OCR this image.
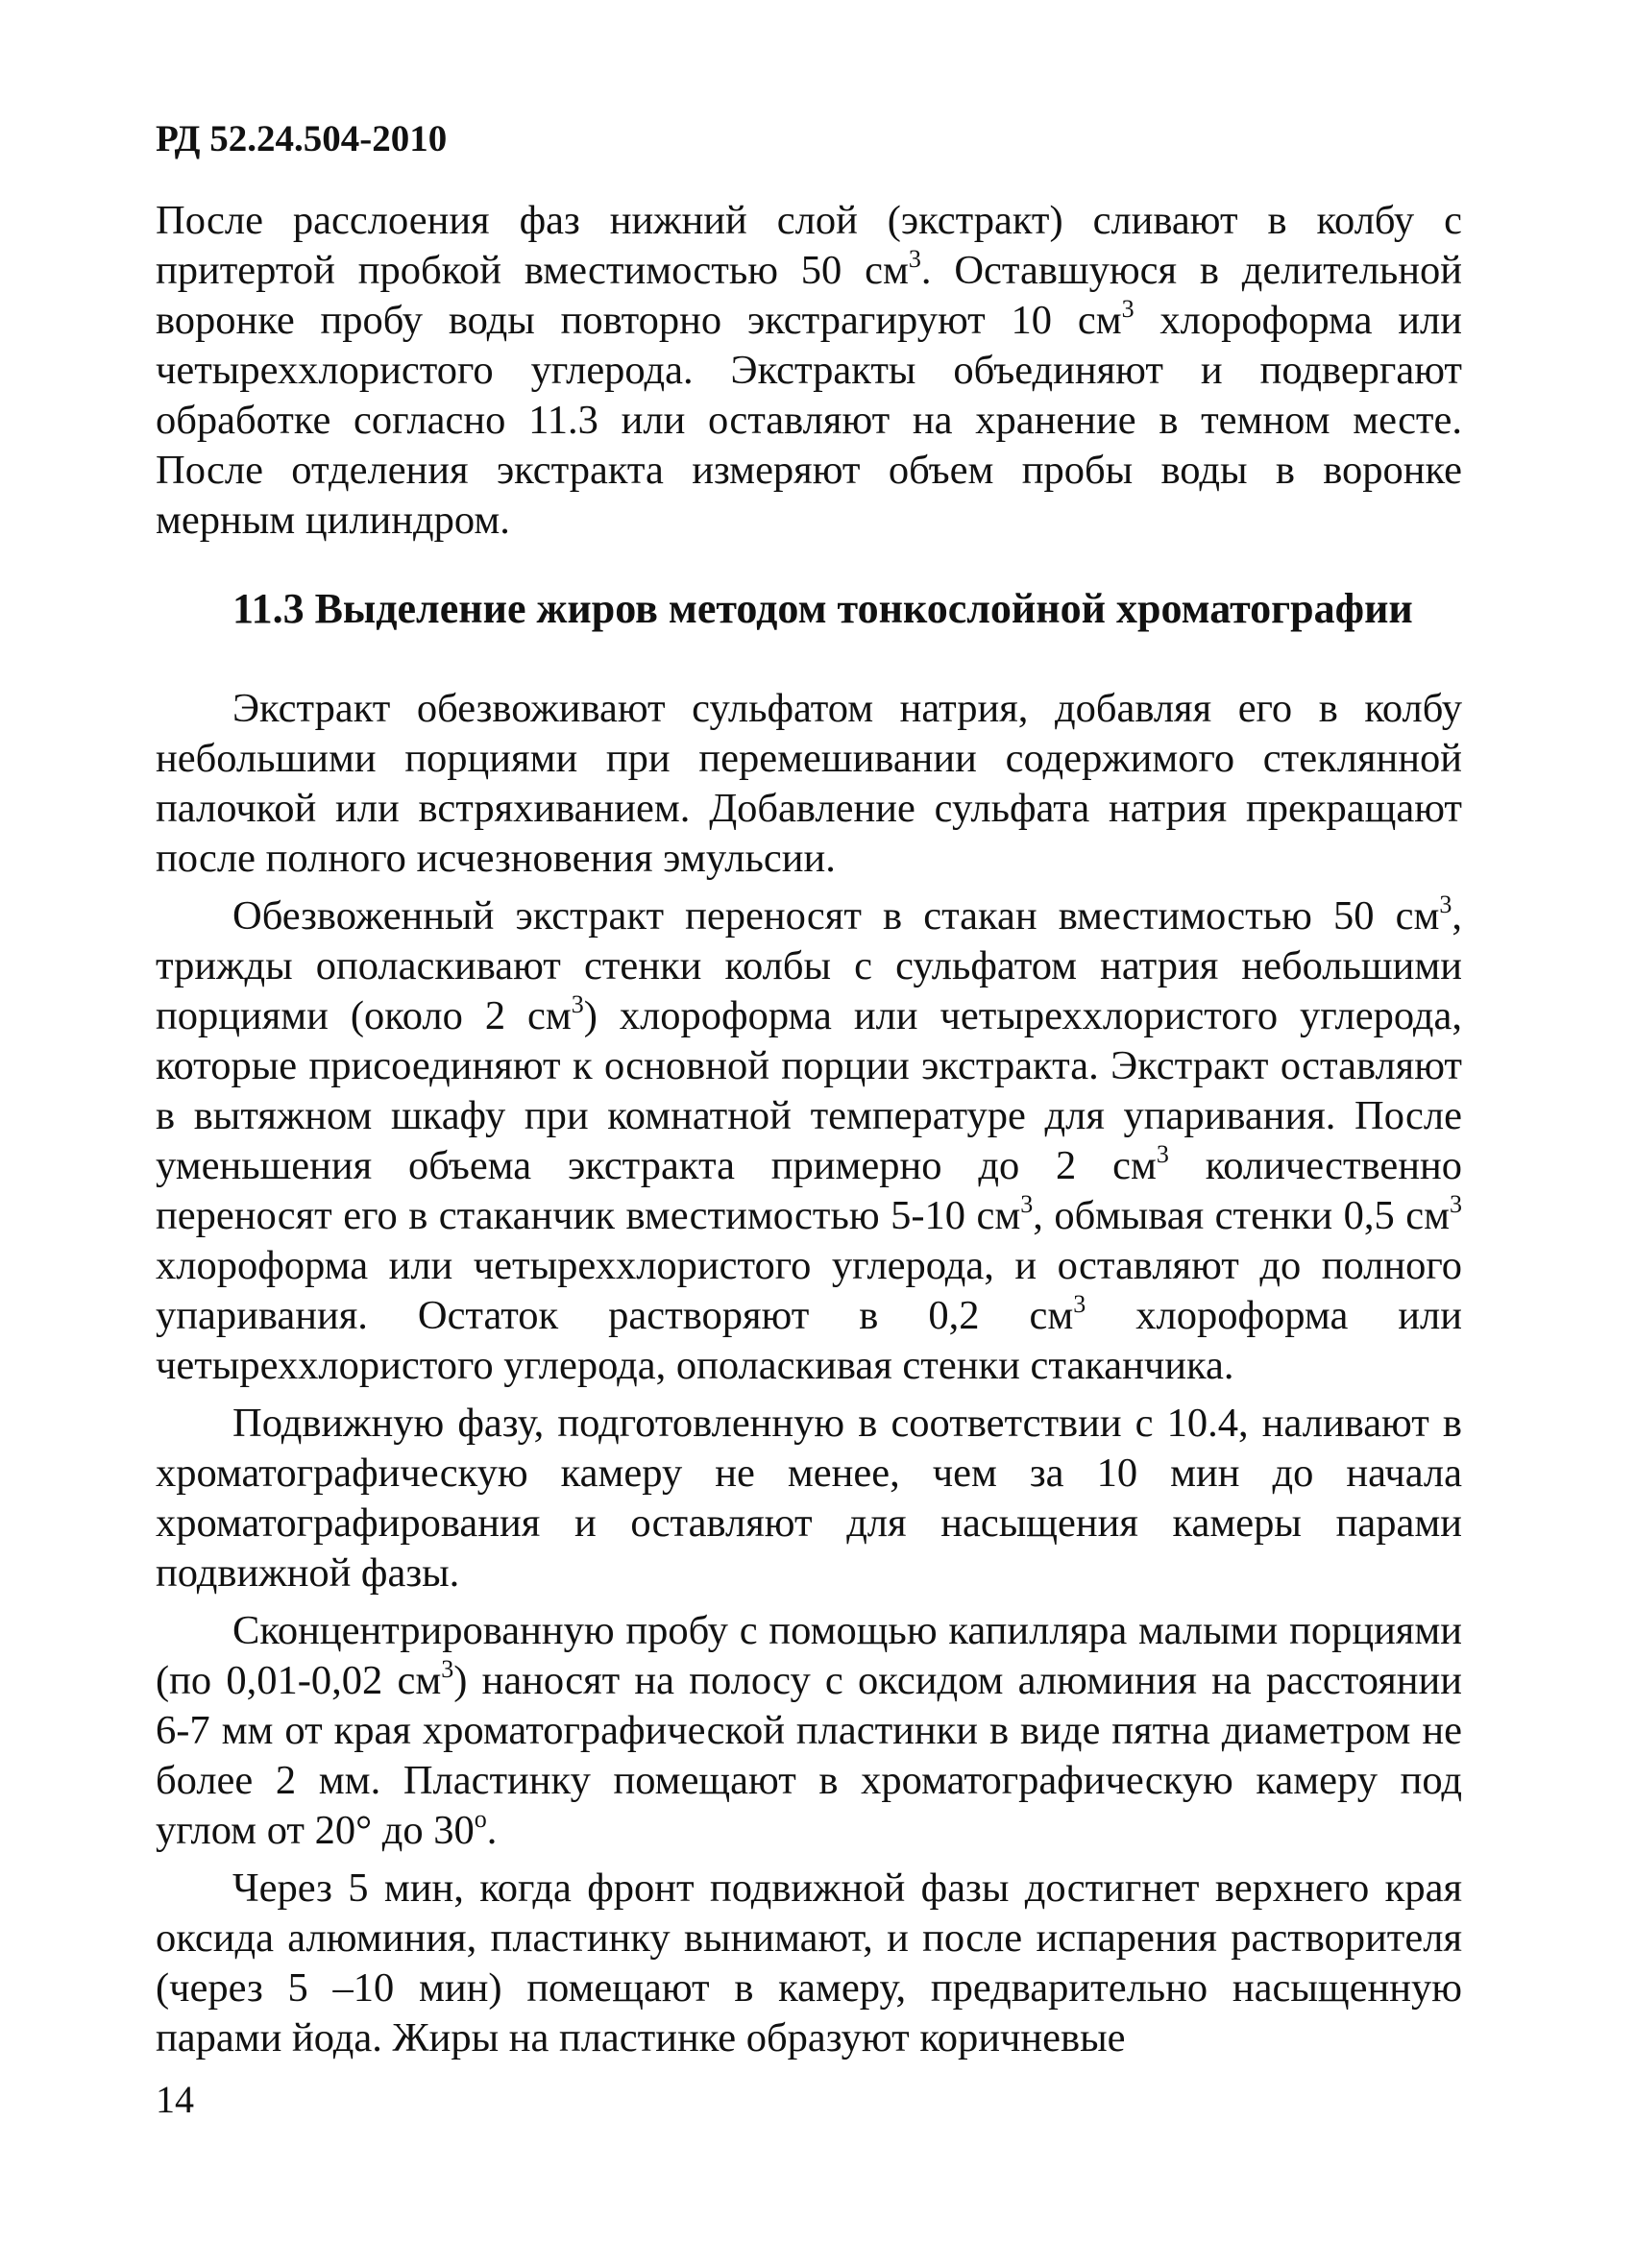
РД 52.24.504-2010

После расслоения фаз нижний слой (экстракт) сливают в колбу с притертой пробкой вместимостью 50 $см^3$. Оставшуюся в делительной воронке пробу воды повторно экстрагируют 10 $см^3$ хлороформа или четыреххлористого углерода. Экстракты объединяют и подвергают обработке согласно 11.3 или оставляют на хранение в темном месте. После отделения экстракта измеряют объем пробы воды в воронке мерным цилиндром.

11.3 Выделение жиров методом тонкослойной хроматографии

Экстракт обезвоживают сульфатом натрия, добавляя его в колбу небольшими порциями при перемешивании содержимого стеклянной палочкой или встряхиванием. Добавление сульфата натрия прекращают после полного исчезновения эмульсии.

Обезвоженный экстракт переносят в стакан вместимостью 50 $см^3$, трижды ополаскивают стенки колбы с сульфатом натрия небольшими порциями (около 2 $см^3$) хлороформа или четыреххлористого углерода, которые присоединяют к основной порции экстракта. Экстракт оставляют в вытяжном шкафу при комнатной температуре для упаривания. После уменьшения объема экстракта примерно до 2 $см^3$ количественно переносят его в стаканчик вместимостью 5-10 $см^3$, обмывая стенки 0,5 $см^3$ хлороформа или четыреххлористого углерода, и оставляют до полного упаривания. Остаток растворяют в 0,2 $см^3$ хлороформа или четыреххлористого углерода, ополаскивая стенки стаканчика.

Подвижную фазу, подготовленную в соответствии с 10.4, наливают в хроматографическую камеру не менее, чем за 10 мин до начала хроматографирования и оставляют для насыщения камеры парами подвижной фазы.

Сконцентрированную пробу с помощью капилляра малыми порциями (по 0,01-0,02 $см^3$) наносят на полосу с оксидом алюминия на расстоянии 6-7 мм от края хроматографической пластинки в виде пятна диаметром не более 2 мм. Пластинку помещают в хроматографическую камеру под углом от 20° до $30^о$.

Через 5 мин, когда фронт подвижной фазы достигнет верхнего края оксида алюминия, пластинку вынимают, и после испарения растворителя (через 5 –10 мин) помещают в камеру, предварительно насыщенную парами йода. Жиры на пластинке образуют коричневые

14
